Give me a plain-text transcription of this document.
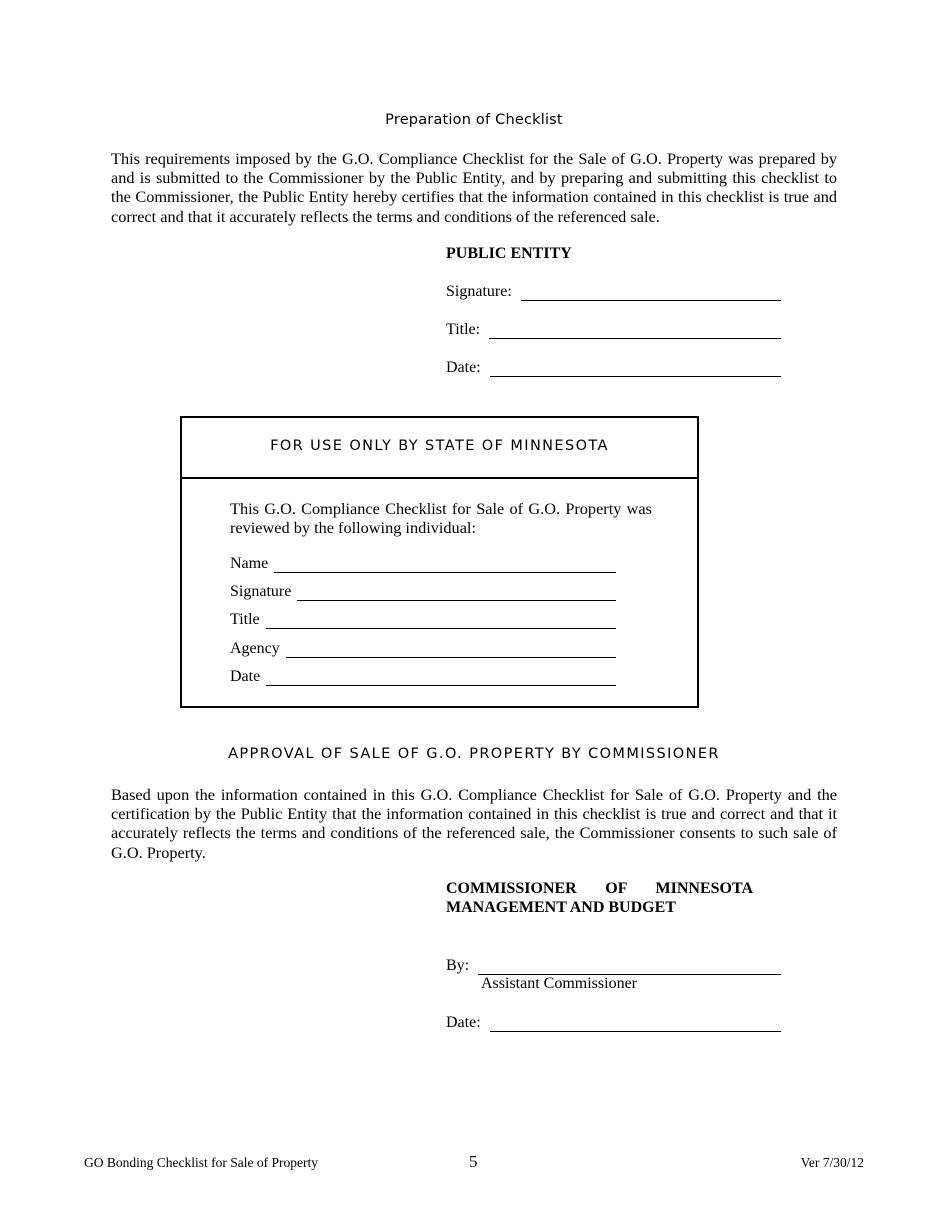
Preparation of Checklist
This requirements imposed by the G.O. Compliance Checklist for the Sale of G.O. Property was prepared by and is submitted to the Commissioner by the Public Entity, and by preparing and submitting this checklist to the Commissioner, the Public Entity hereby certifies that the information contained in this checklist is true and correct and that it accurately reflects the terms and conditions of the referenced sale.
PUBLIC ENTITY
Signature:
Title:
Date:
FOR USE ONLY BY STATE OF MINNESOTA
This G.O. Compliance Checklist for Sale of G.O. Property was reviewed by the following individual:
Name
Signature
Title
Agency
Date
APPROVAL OF SALE OF G.O. PROPERTY BY COMMISSIONER
Based upon the information contained in this G.O. Compliance Checklist for Sale of G.O. Property and the certification by the Public Entity that the information contained in this checklist is true and correct and that it accurately reflects the terms and conditions of the referenced sale, the Commissioner consents to such sale of G.O. Property.
COMMISSIONER OF MINNESOTA
MANAGEMENT AND BUDGET
By:
Assistant Commissioner
Date:
GO Bonding Checklist for Sale of Property	5	Ver 7/30/12
